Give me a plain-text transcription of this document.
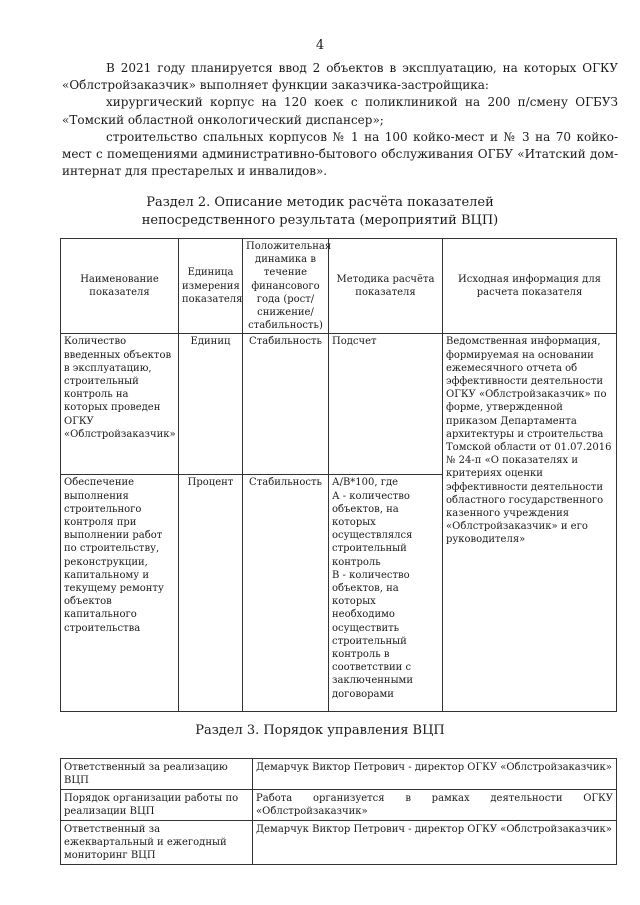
4

В 2021 году планируется ввод 2 объектов в эксплуатацию, на которых ОГКУ «Облстройзаказчик» выполняет функции заказчика-застройщика:

хирургический корпус на 120 коек с поликлиникой на 200 п/смену ОГБУЗ «Томский областной онкологический диспансер»;

строительство спальных корпусов № 1 на 100 койко-мест и № 3 на 70 койко-мест с помещениями административно-бытового обслуживания ОГБУ «Итатский дом-интернат для престарелых и инвалидов».

Раздел 2. Описание методик расчёта показателей
непосредственного результата (мероприятий ВЦП)
Наименование показателя	Единица измерения показателя	Положительная динамика в течение финансового года (рост/снижение/ стабильность)	Методика расчёта показателя	Исходная информация для расчета показателя
Количество введенных объектов в эксплуатацию, строительный контроль на которых проведен ОГКУ «Облстройзаказчик»	Единиц	Стабильность	Подсчет	Ведомственная информация, формируемая на основании ежемесячного отчета об эффективности деятельности ОГКУ «Облстройзаказчик» по форме, утвержденной приказом Департамента архитектуры и строительства Томской области от 01.07.2016 № 24-п «О показателях и критериях оценки эффективности деятельности областного государственного казенного учреждения «Облстройзаказчик» и его руководителя»
Обеспечение выполнения строительного контроля при выполнении работ по строительству, реконструкции, капитальному и текущему ремонту объектов капитального строительства	Процент	Стабильность	А/В*100, где
А - количество объектов, на которых осуществлялся строительный контроль
В - количество объектов, на которых необходимо осуществить строительный контроль в соответствии с заключенными договорами	
Раздел 3. Порядок управления ВЦП
Ответственный за реализацию ВЦП	Демарчук Виктор Петрович - директор ОГКУ «Облстройзаказчик»
Порядок организации работы по реализации ВЦП	Работа организуется в рамках деятельности ОГКУ
«Облстройзаказчик»

Ответственный за ежеквартальный и ежегодный мониторинг ВЦП	Демарчук Виктор Петрович - директор ОГКУ «Облстройзаказчик»
